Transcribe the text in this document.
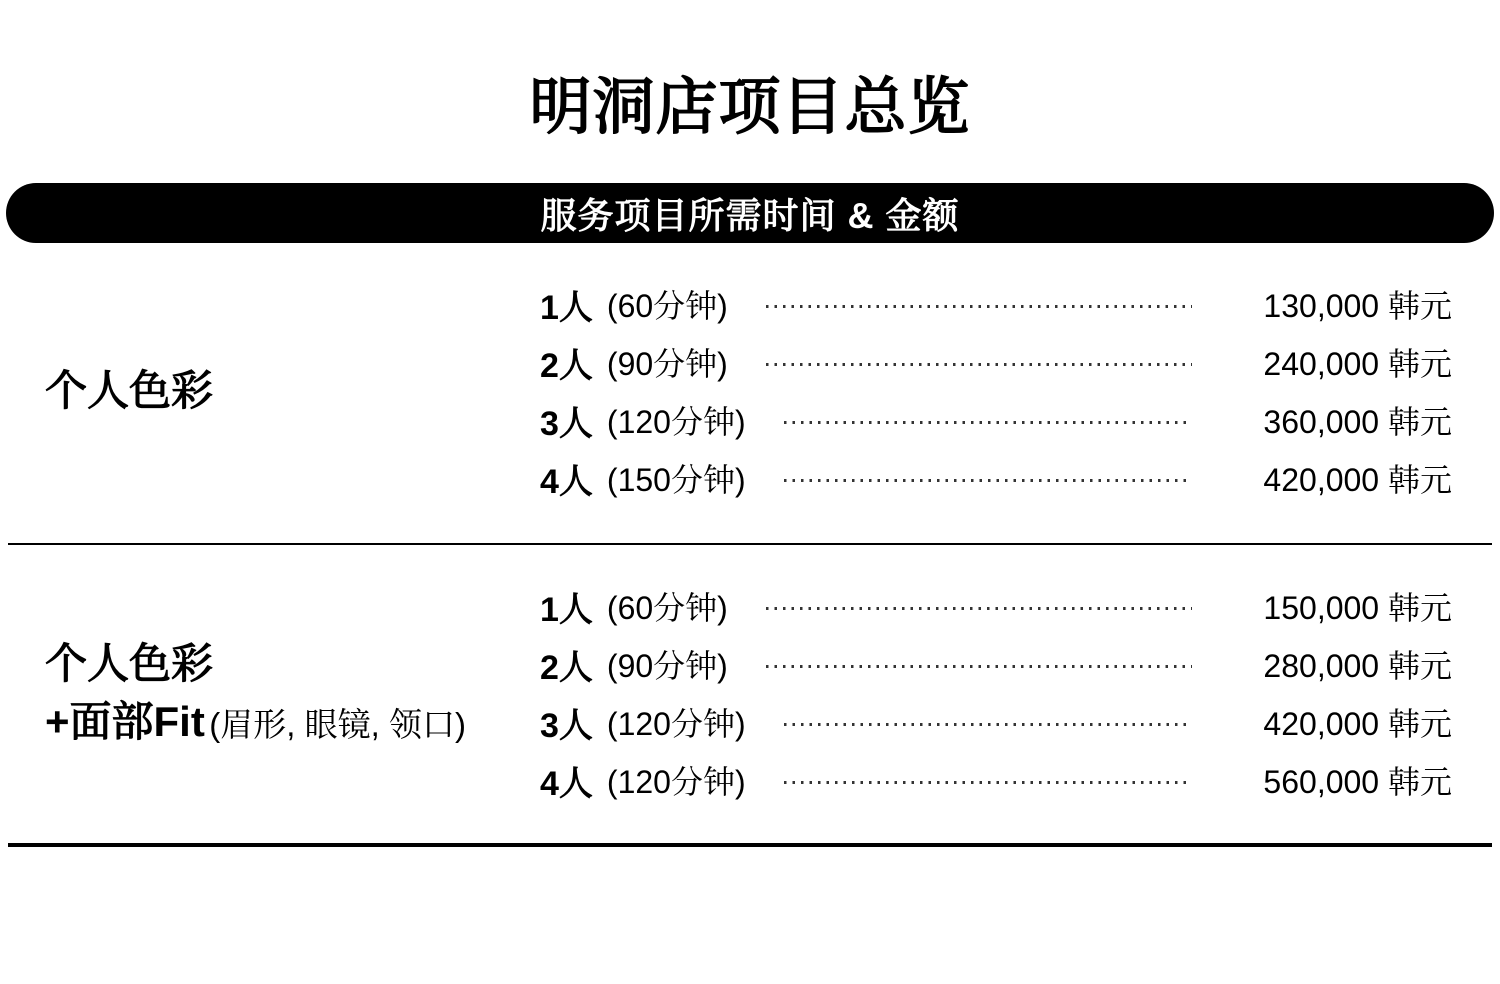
明洞店项目总览
服务项目所需时间 & 金额
个人色彩
1人 (60分钟)	130,000 韩元
2人 (90分钟)	240,000 韩元
3人 (120分钟)	360,000 韩元
4人 (150分钟)	420,000 韩元
个人色彩
+面部Fit (眉形, 眼镜, 领口)
1人 (60分钟)	150,000 韩元
2人 (90分钟)	280,000 韩元
3人 (120分钟)	420,000 韩元
4人 (120分钟)	560,000 韩元
